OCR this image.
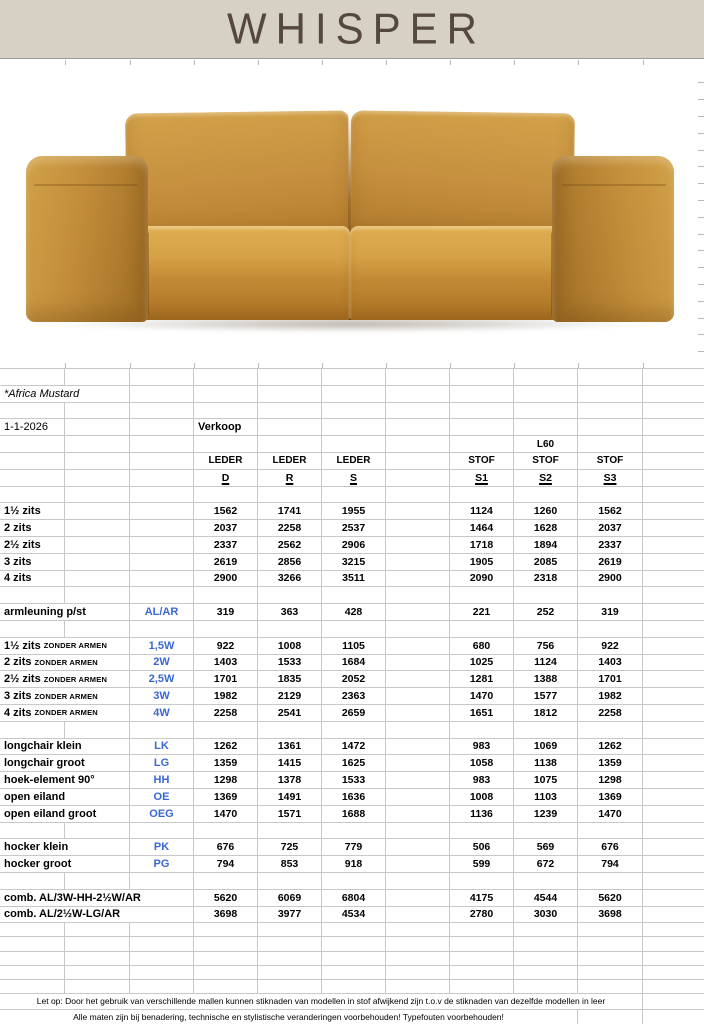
WHISPER
*Africa Mustard
1-1-2026	Verkoop
L60
LEDER	LEDER	LEDER	STOF	STOF	STOF
D	R	S	S1	S2	S3
1½ zits	1562	1741	1955	1124	1260	1562
2 zits	2037	2258	2537	1464	1628	2037
2½ zits	2337	2562	2906	1718	1894	2337
3 zits	2619	2856	3215	1905	2085	2619
4 zits	2900	3266	3511	2090	2318	2900
armleuning p/st	AL/AR	319	363	428	221	252	319
1½ zits ZONDER ARMEN	1,5W	922	1008	1105	680	756	922
2 zits ZONDER ARMEN	2W	1403	1533	1684	1025	1124	1403
2½ zits ZONDER ARMEN	2,5W	1701	1835	2052	1281	1388	1701
3 zits ZONDER ARMEN	3W	1982	2129	2363	1470	1577	1982
4 zits ZONDER ARMEN	4W	2258	2541	2659	1651	1812	2258
longchair klein	LK	1262	1361	1472	983	1069	1262
longchair groot	LG	1359	1415	1625	1058	1138	1359
hoek-element 90°	HH	1298	1378	1533	983	1075	1298
open eiland	OE	1369	1491	1636	1008	1103	1369
open eiland groot	OEG	1470	1571	1688	1136	1239	1470
hocker klein	PK	676	725	779	506	569	676
hocker groot	PG	794	853	918	599	672	794
comb. AL/3W-HH-2½W/AR	5620	6069	6804	4175	4544	5620
comb. AL/2½W-LG/AR	3698	3977	4534	2780	3030	3698
Let op: Door het gebruik van verschillende mallen kunnen stiknaden van modellen in stof afwijkend zijn t.o.v de stiknaden van dezelfde modellen in leer
Alle maten zijn bij benadering, technische en stylistische veranderingen voorbehouden! Typefouten voorbehouden!
